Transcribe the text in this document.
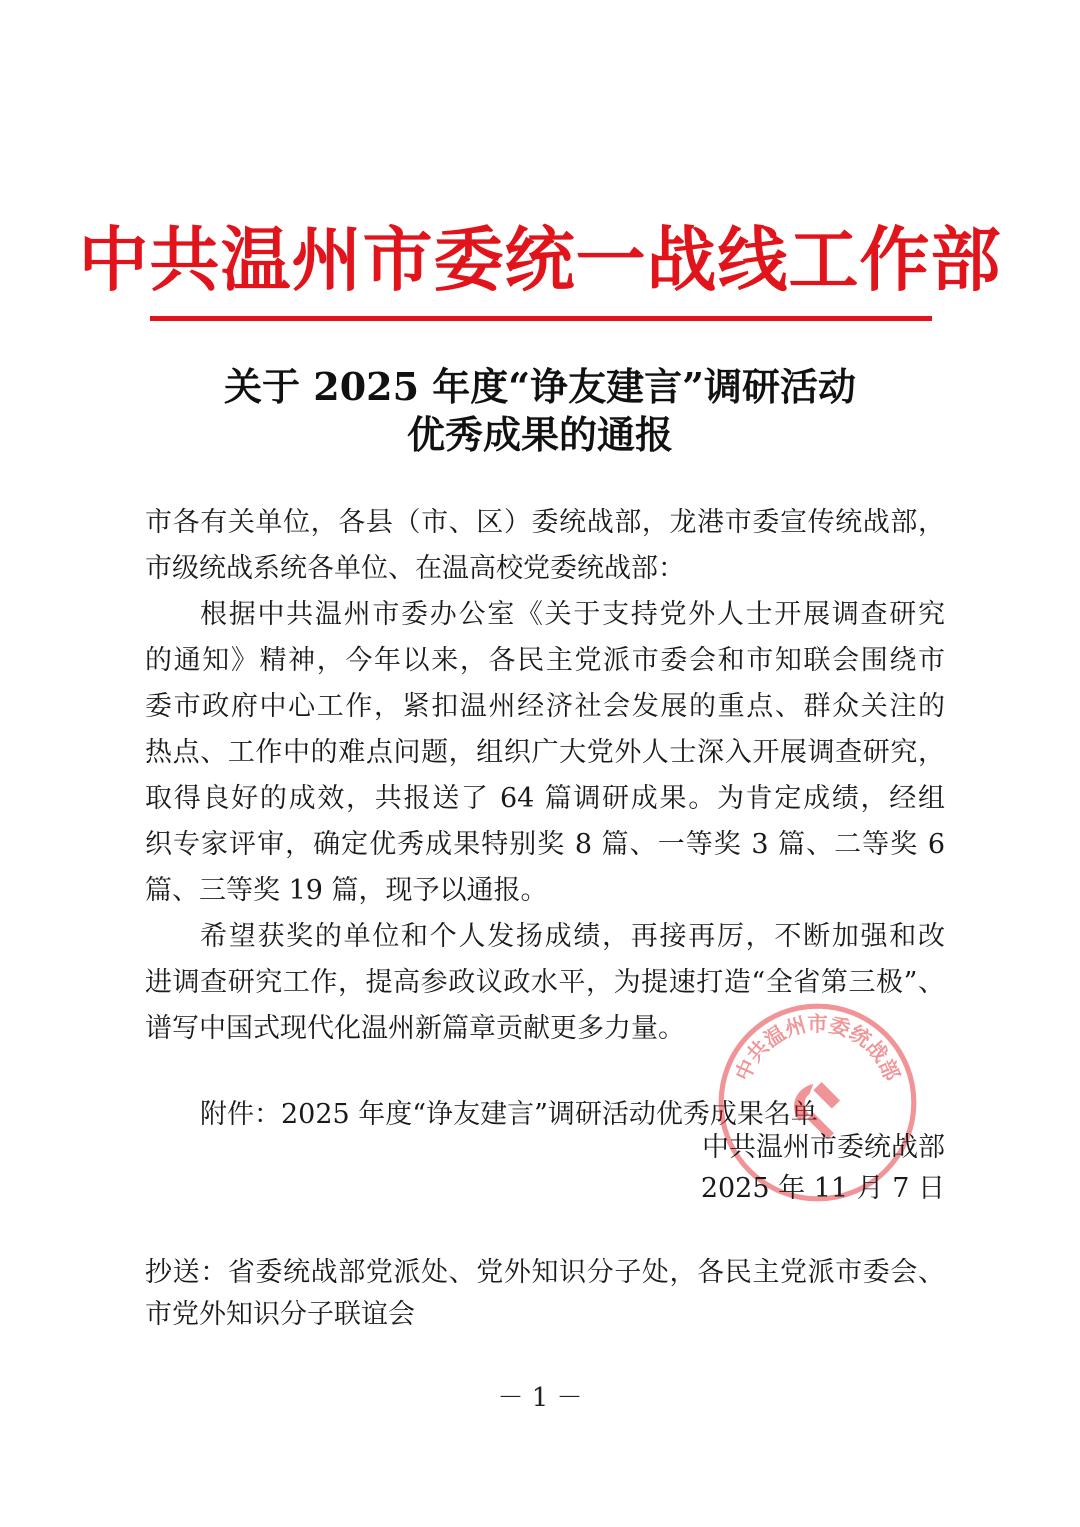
中共温州市委统一战线工作部
关于 2025 年度“诤友建言”调研活动
优秀成果的通报
市各有关单位，各县（市、区）委统战部，龙港市委宣传统战部，
市级统战系统各单位、在温高校党委统战部：
根据中共温州市委办公室《关于支持党外人士开展调查研究
的通知》精神，今年以来，各民主党派市委会和市知联会围绕市
委市政府中心工作，紧扣温州经济社会发展的重点、群众关注的
热点、工作中的难点问题，组织广大党外人士深入开展调查研究，
取得良好的成效，共报送了 64 篇调研成果。为肯定成绩，经组
织专家评审，确定优秀成果特别奖 8 篇、一等奖 3 篇、二等奖 6
篇、三等奖 19 篇，现予以通报。
希望获奖的单位和个人发扬成绩，再接再厉，不断加强和改
进调查研究工作，提高参政议政水平，为提速打造“全省第三极”、
谱写中国式现代化温州新篇章贡献更多力量。
附件：2025 年度“诤友建言”调研活动优秀成果名单
中共温州市委统战部
中共温州市委统战部
2025 年 11 月 7 日
抄送：省委统战部党派处、党外知识分子处，各民主党派市委会、
市党外知识分子联谊会
－ 1 －
